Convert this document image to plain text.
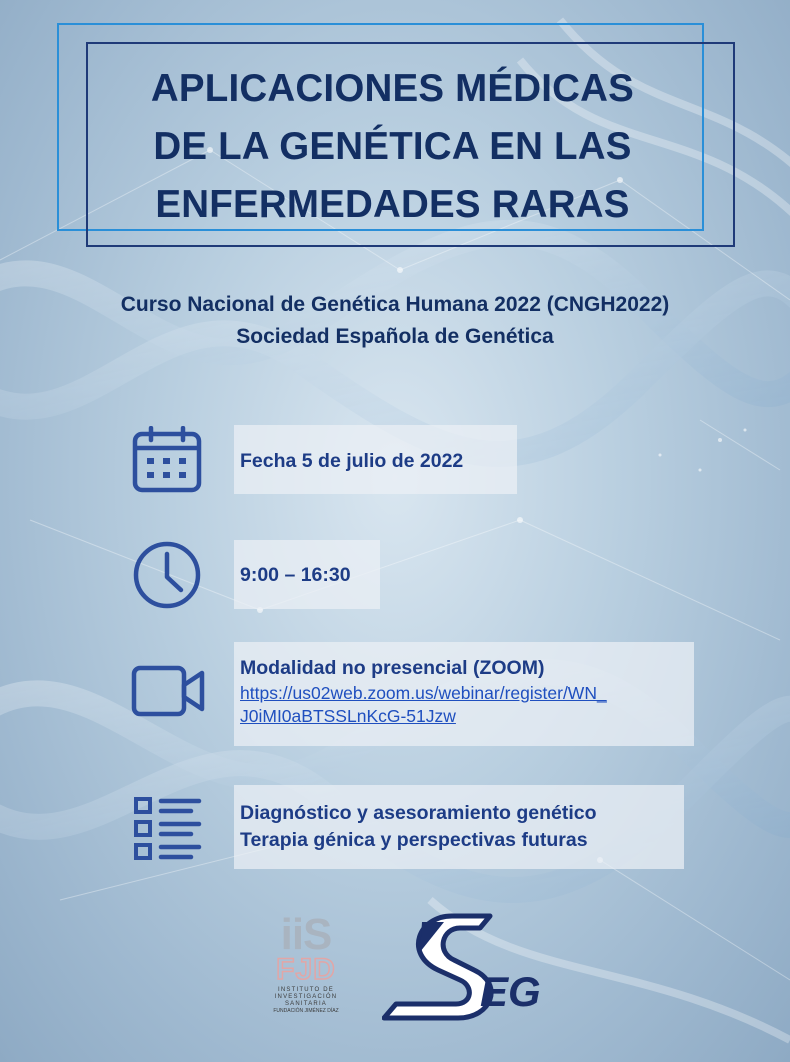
APLICACIONES MÉDICAS
DE LA GENÉTICA EN LAS
ENFERMEDADES RARAS
Curso Nacional de Genética Humana 2022 (CNGH2022)
Sociedad Española de Genética
Fecha 5 de julio de 2022
9:00 – 16:30
Modalidad no presencial (ZOOM)
https://us02web.zoom.us/webinar/register/WN_
J0iMI0aBTSSLnKcG-51Jzw
Diagnóstico y asesoramiento genético
Terapia génica y perspectivas futuras
iiS
FJD
INSTITUTO DE
INVESTIGACIÓN
SANITARIA
FUNDACIÓN JIMÉNEZ DÍAZ	EG
